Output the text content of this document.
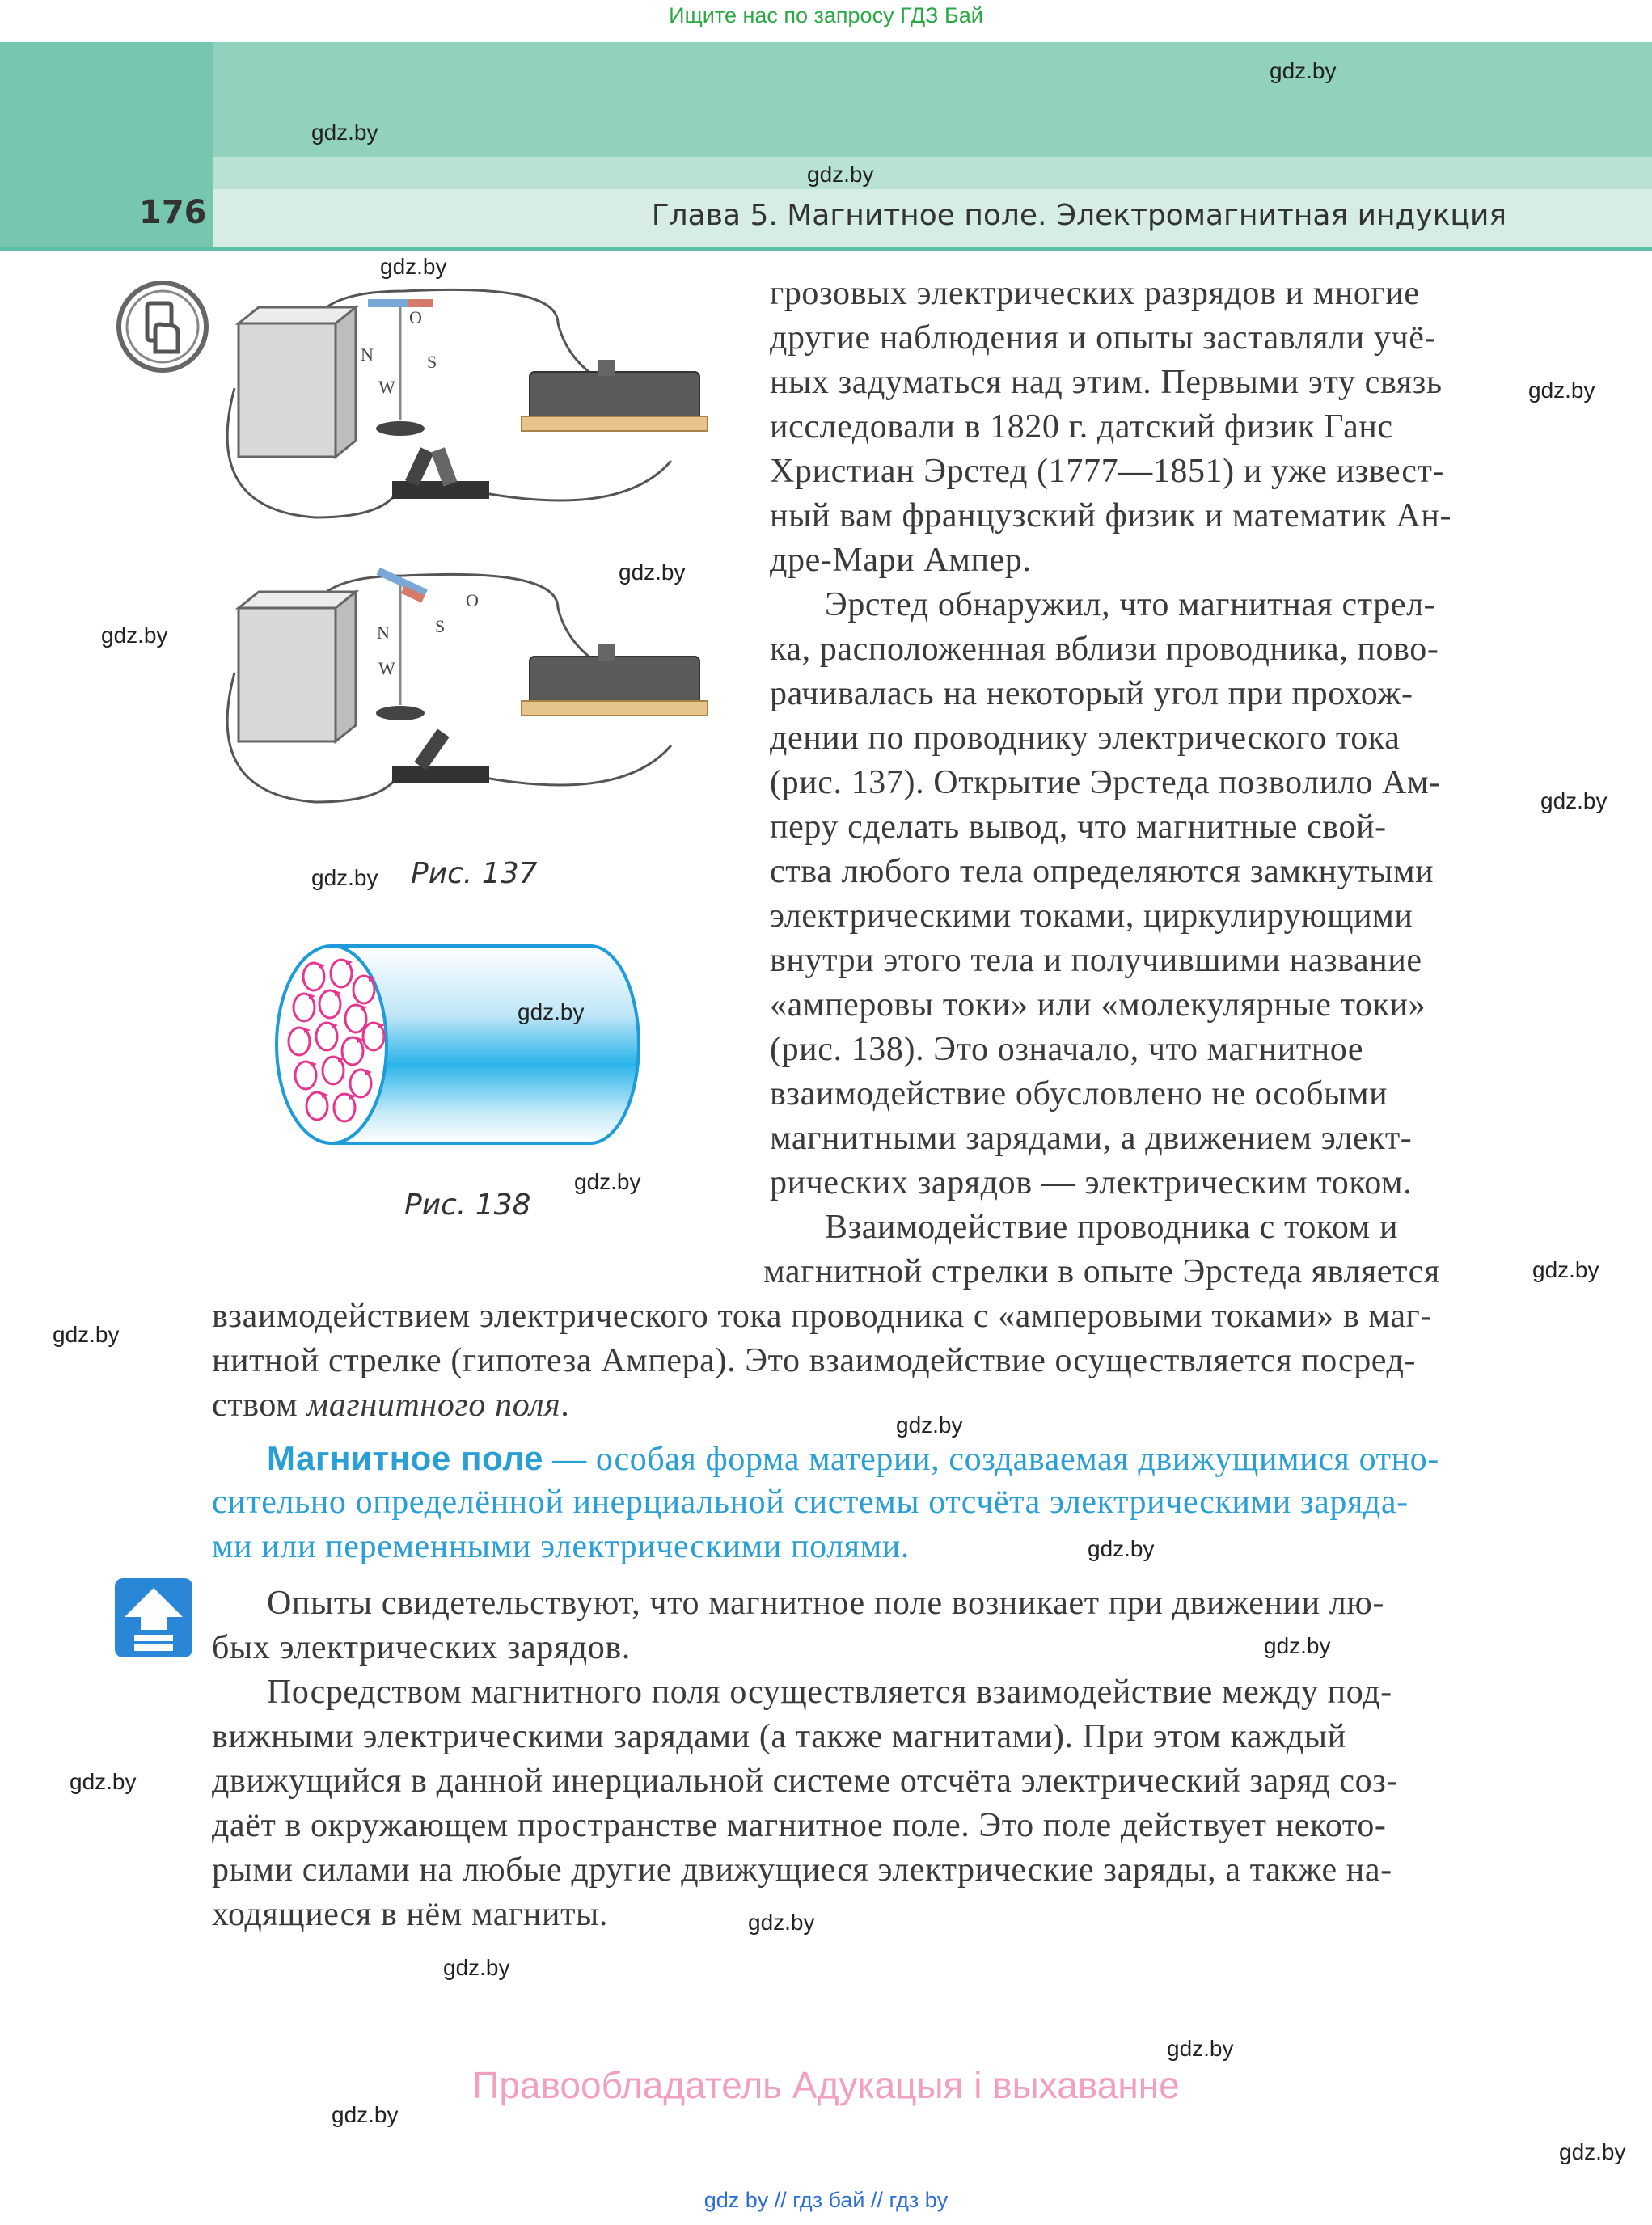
Ищите нас по запросу ГДЗ Бай
176	Глава 5. Магнитное поле. Электромагнитная индукция
N	S
W
O
N	S
W
O
Рис. 137
Рис. 138
грозовых электрических разрядов и многие
другие наблюдения и опыты заставляли учё-
ных задуматься над этим. Первыми эту связь
исследовали в 1820 г. датский физик Ганс
Христиан Эрстед (1777—1851) и уже извест-
ный вам французский физик и математик Ан-
дре-Мари Ампер.
Эрстед обнаружил, что магнитная стрел-
ка, расположенная вблизи проводника, пово-
рачивалась на некоторый угол при прохож-
дении по проводнику электрического тока
(рис. 137). Открытие Эрстеда позволило Ам-
перу сделать вывод, что магнитные свой-
ства любого тела определяются замкнутыми
электрическими токами, циркулирующими
внутри этого тела и получившими название
«амперовы токи» или «молекулярные токи»
(рис. 138). Это означало, что магнитное
взаимодействие обусловлено не особыми
магнитными зарядами, а движением элект-
рических зарядов — электрическим током.
Взаимодействие проводника с током и
магнитной стрелки в опыте Эрстеда является
взаимодействием электрического тока проводника с «амперовыми токами» в маг-
нитной стрелке (гипотеза Ампера). Это взаимодействие осуществляется посред-
ством магнитного поля.
Магнитное поле — особая форма материи, создаваемая движущимися отно-
сительно определённой инерциальной системы отсчёта электрическими заряда-
ми или переменными электрическими полями.
Опыты свидетельствуют, что магнитное поле возникает при движении лю-
бых электрических зарядов.
Посредством магнитного поля осуществляется взаимодействие между под-
вижными электрическими зарядами (а также магнитами). При этом каждый
движущийся в данной инерциальной системе отсчёта электрический заряд соз-
даёт в окружающем пространстве магнитное поле. Это поле действует некото-
рыми силами на любые другие движущиеся электрические заряды, а также на-
ходящиеся в нём магниты.
gdz.by
gdz.by
gdz.by
gdz.by
gdz.by
gdz.by
gdz.by
gdz.by
gdz.by
gdz.by
gdz.by
gdz.by
gdz.by
gdz.by
gdz.by
gdz.by
gdz.by
gdz.by
gdz.by
gdz.by
gdz.by
gdz.by
Правообладатель Адукацыя і выхаванне
gdz by // гдз бай // гдз by
